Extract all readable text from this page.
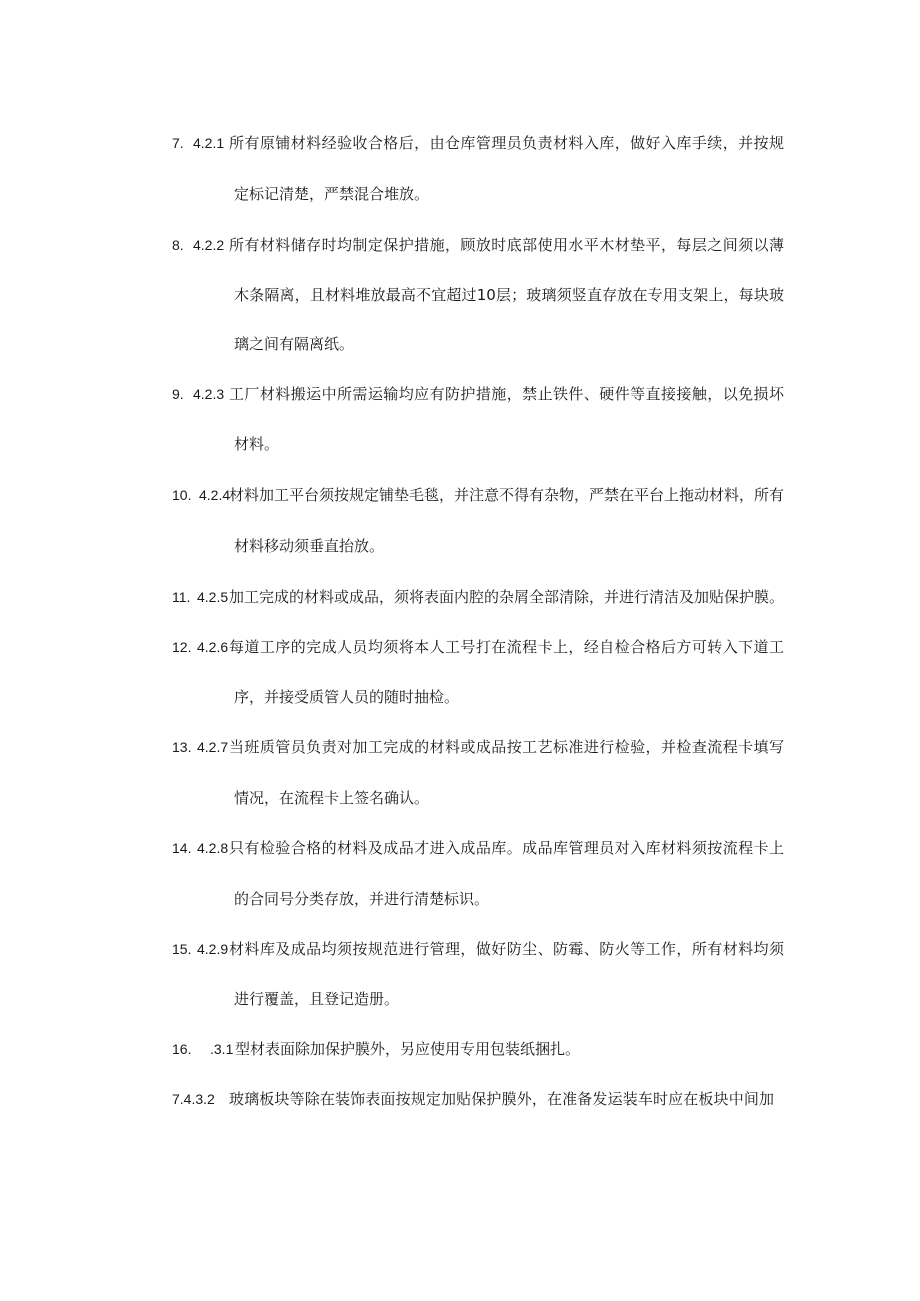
7. 4.2.1 所有原铺材料经验收合格后，由仓库管理员负责材料入库，做好入库手续，并按规
定标记清楚，严禁混合堆放。
8. 4.2.2 所有材料储存时均制定保护措施，顾放时底部使用水平木材垫平，每层之间须以薄
木条隔离，且材料堆放最高不宜超过10层；玻璃须竖直存放在专用支架上，每块玻
璃之间有隔离纸。
9. 4.2.3 工厂材料搬运中所需运输均应有防护措施，禁止铁件、硬件等直接接触，以免损坏
材料。
10. 4.2.4
材料加工平台须按规定铺垫毛毯，并注意不得有杂物，严禁在平台上拖动材料，所有
材料移动须垂直抬放。
11. 4.2.5 加工完成的材料或成品，须将表面内腔的杂屑全部清除，并进行清洁及加贴保护膜。
12. 4.2.6 每道工序的完成人员均须将本人工号打在流程卡上，经自检合格后方可转入下道工
序，并接受质管人员的随时抽检。
13. 4.2.7 当班质管员负责对加工完成的材料或成品按工艺标准进行检验，并检查流程卡填写
情况，在流程卡上签名确认。
14. 4.2.8 只有检验合格的材料及成品才进入成品库。成品库管理员对入库材料须按流程卡上
的合同号分类存放，并进行清楚标识。
15. 4.2.9 材料库及成品均须按规范进行管理，做好防尘、防霉、防火等工作，所有材料均须
进行覆盖，且登记造册。
16. .3.1 型材表面除加保护膜外，另应使用专用包装纸捆扎。
7.4.3.2 玻璃板块等除在装饰表面按规定加贴保护膜外，在准备发运装车时应在板块中间加
